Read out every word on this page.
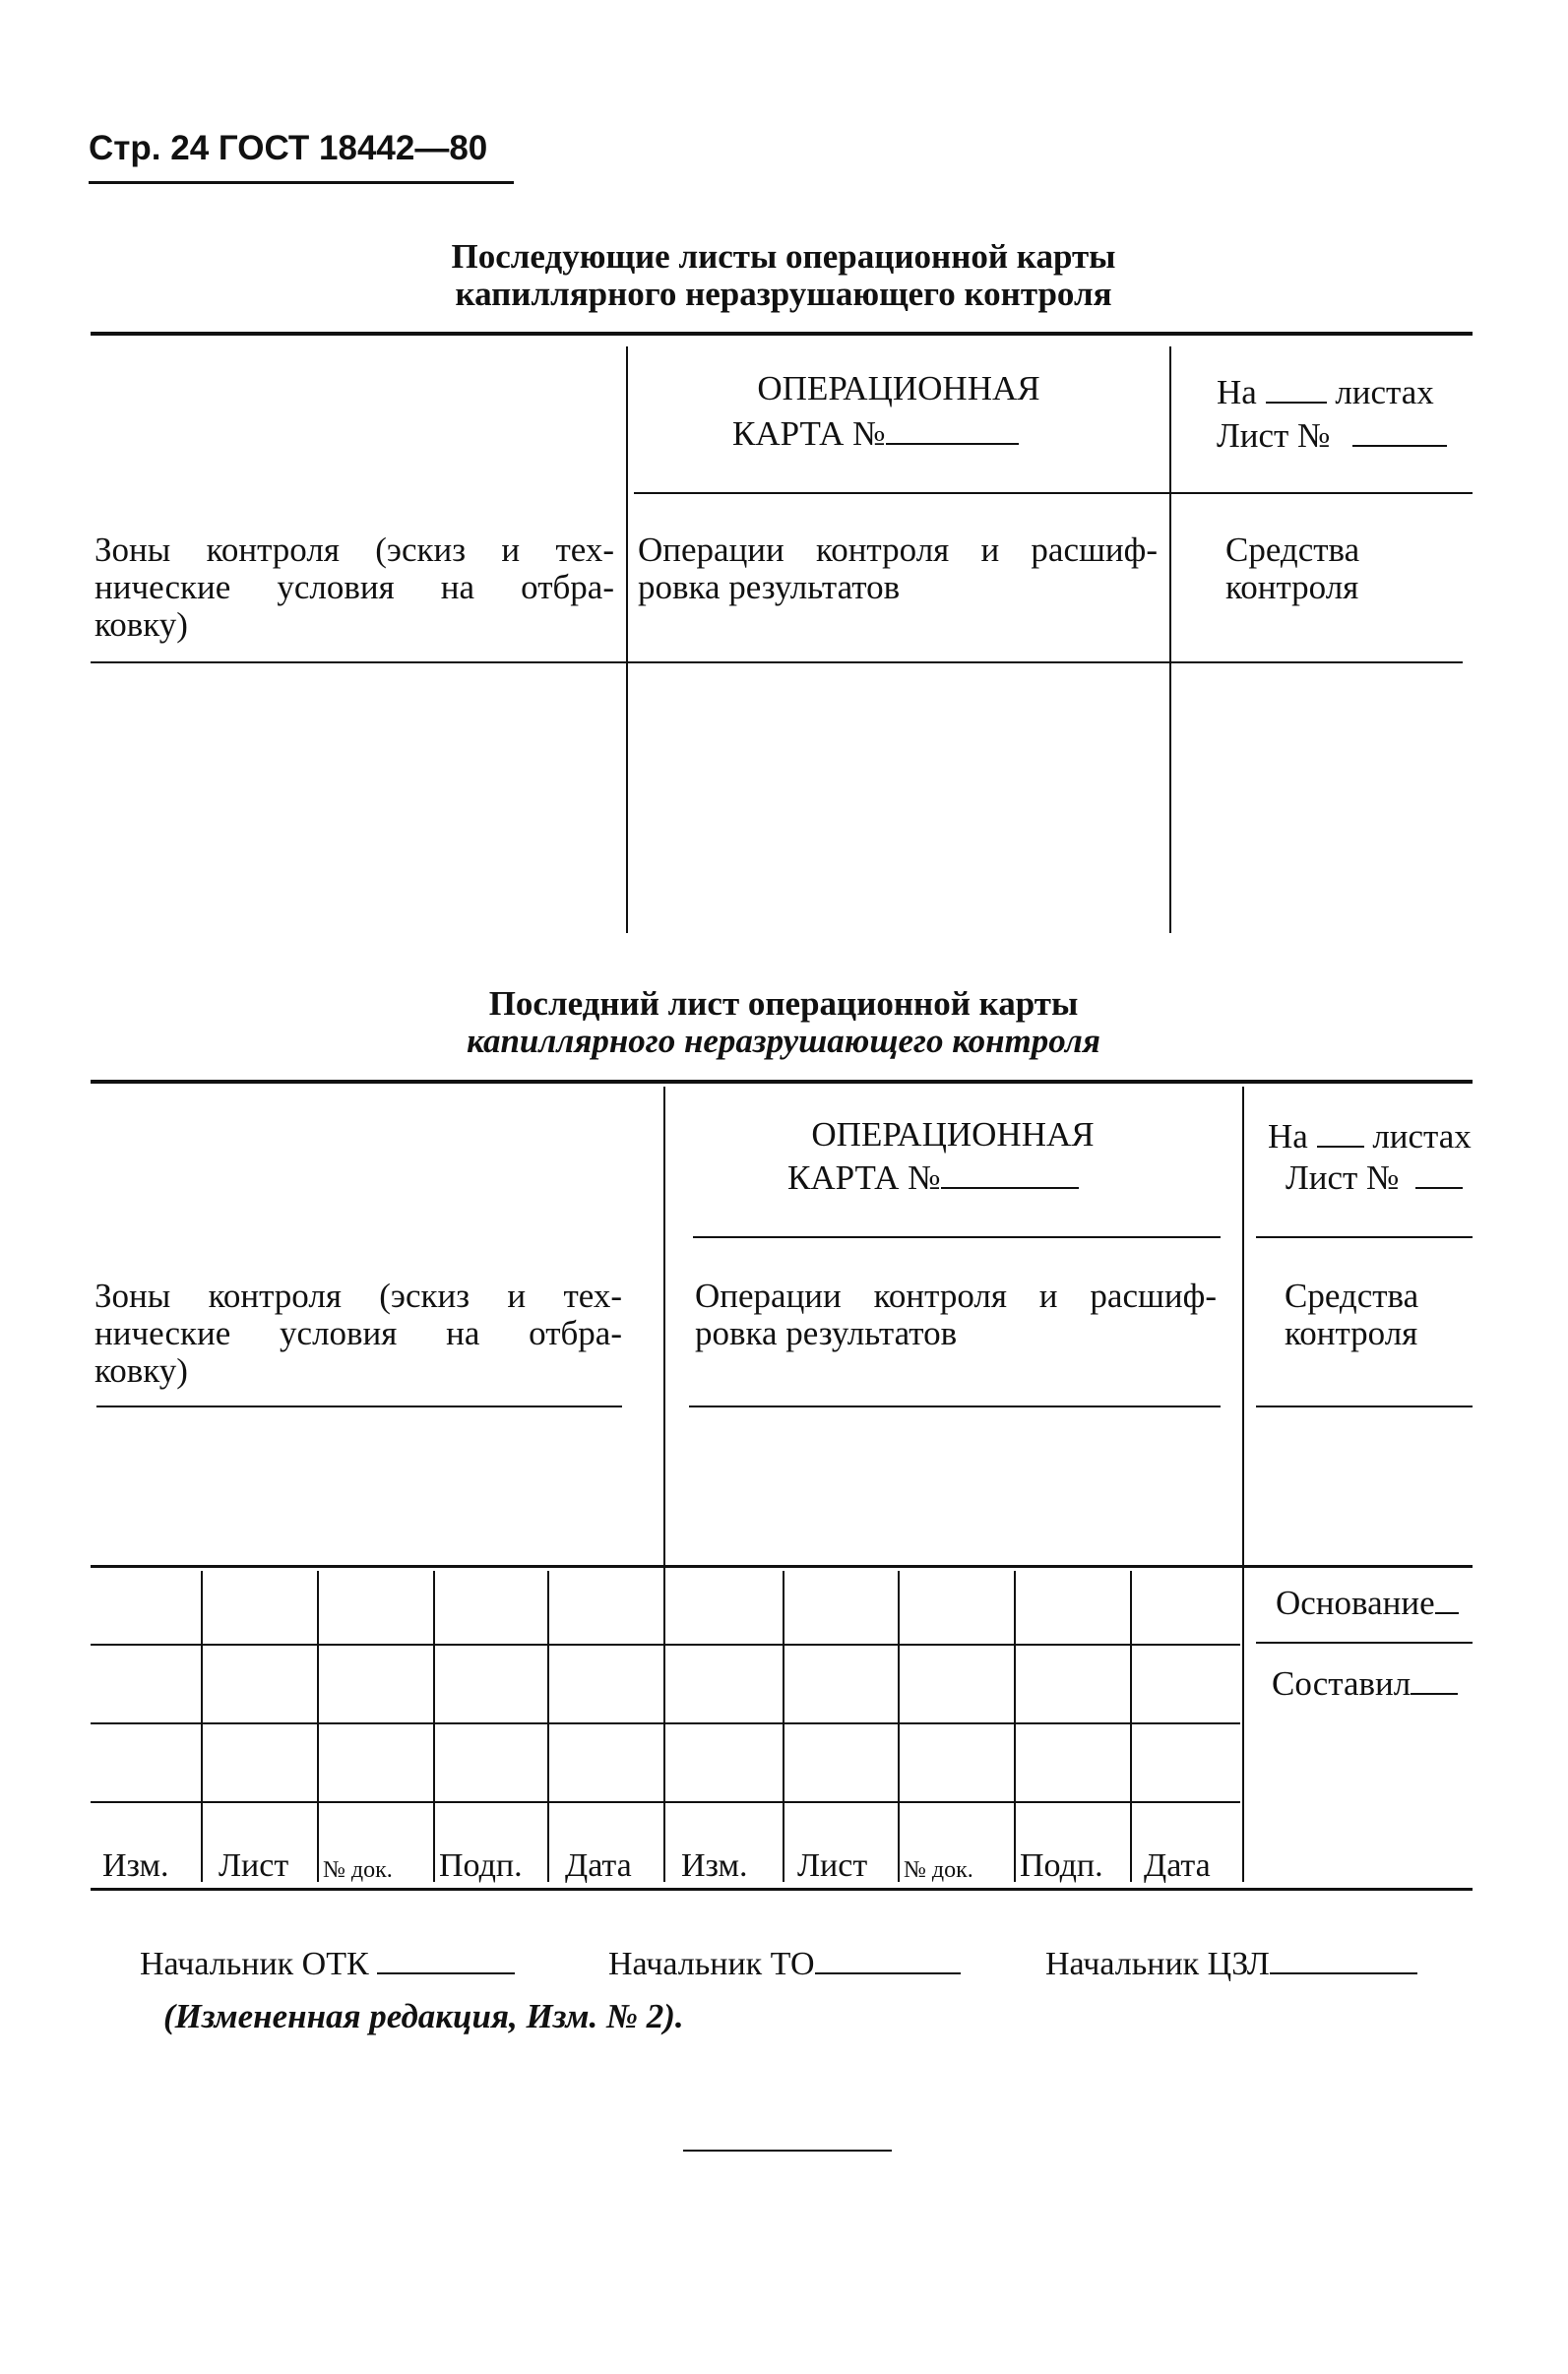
Стр. 24 ГОСТ 18442—80
Последующие листы операционной карты
капиллярного неразрушающего контроля
ОПЕРАЦИОННАЯ
КАРТА №
На листах
Лист №
Зоны контроля (эскиз и тех-
нические условия на отбра-
ковку)
Операции контроля и расшиф-
ровка результатов
Средства
контроля
Последний лист операционной карты
капиллярного неразрушающего контроля
ОПЕРАЦИОННАЯ
КАРТА №
На листах
Лист №
Зоны контроля (эскиз и тех-
нические условия на отбра-
ковку)
Операции контроля и расшиф-
ровка результатов
Средства
контроля
Изм. Лист № док. Подп. Дата Изм. Лист № док. Подп. Дата
Основание
Составил
Начальник ОТК	Начальник ТО	Начальник ЦЗЛ
(Измененная редакция, Изм. № 2).
